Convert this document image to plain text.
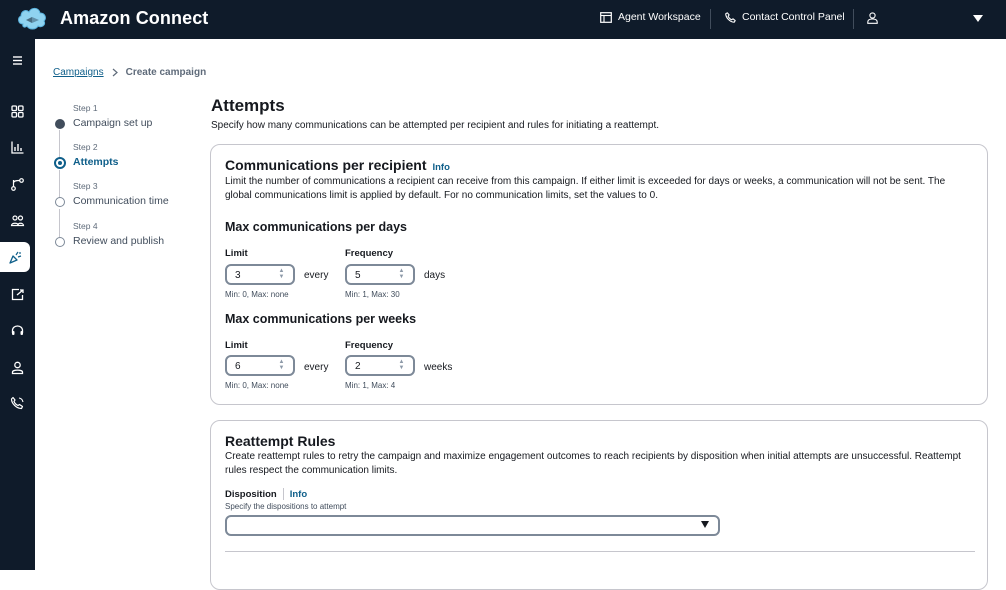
Amazon Connect	Agent Workspace	Contact Control Panel
Campaigns Create campaign
Step 1
Campaign set up
Step 2
Attempts
Step 3
Communication time
Step 4
Review and publish
Attempts
Specify how many communications can be attempted per recipient and rules for initiating a reattempt.
Communications per recipient Info
Limit the number of communications a recipient can receive from this campaign. If either limit is exceeded for days or weeks, a communication will not be sent. The
global communications limit is applied by default. For no communication limits, set the values to 0.
Max communications per days
Limit
3	▲
▼ every
Frequency
5	▲
▼ days
Min: 0, Max: none	Min: 1, Max: 30
Max communications per weeks
Limit
6	▲
▼ every
Frequency
2	▲
▼ weeks
Min: 0, Max: none	Min: 1, Max: 4
Reattempt Rules
Create reattempt rules to retry the campaign and maximize engagement outcomes to reach recipients by disposition when initial attempts are unsuccessful. Reattempt
rules respect the communication limits.
Disposition Info
Specify the dispositions to attempt
